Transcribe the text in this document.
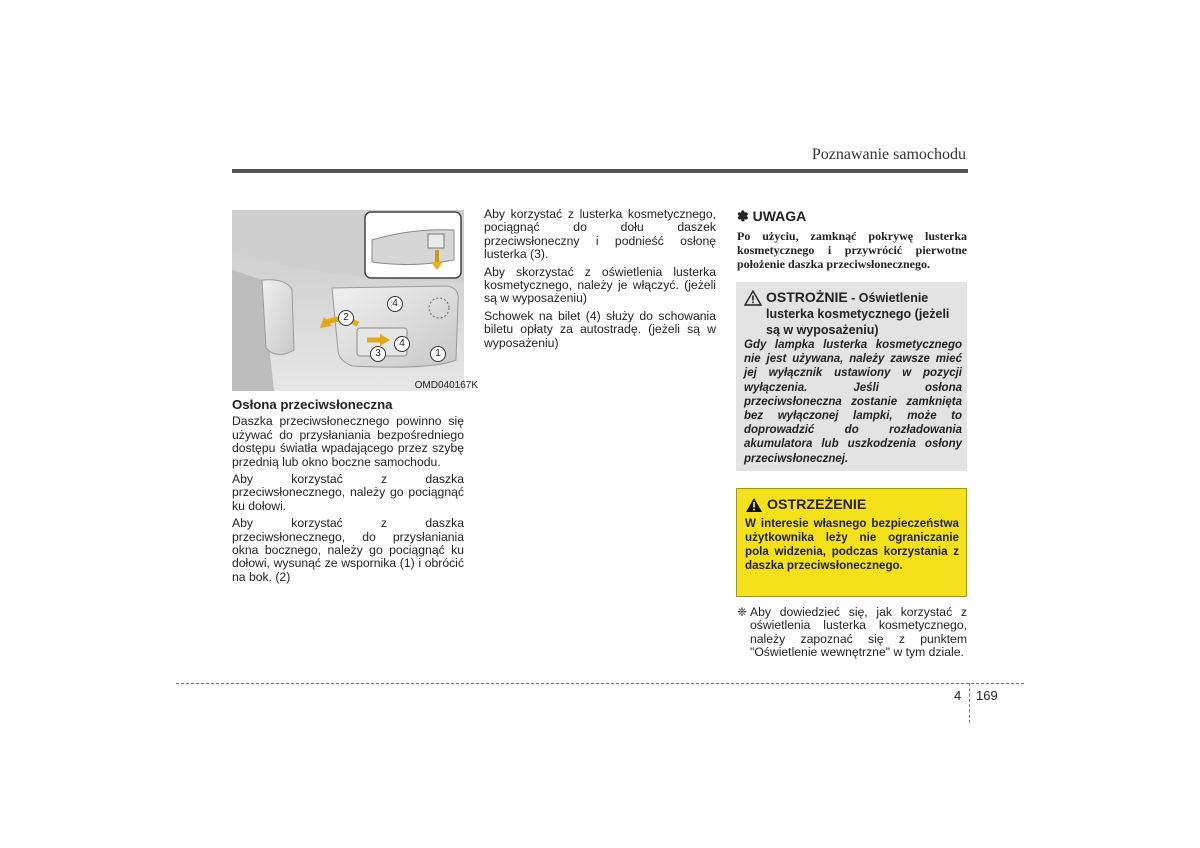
Poznawanie samochodu
4
2
4
3	1
OMD040167K
Osłona przeciwsłoneczna

Daszka przeciwsłonecznego powinno się używać do przysłaniania bezpośredniego dostępu światła wpadającego przez szybę przednią lub okno boczne samochodu.

Aby korzystać z daszka przeciwsłonecznego, należy go pociągnąć ku dołowi.

Aby korzystać z daszka przeciwsłonecznego, do przysłaniania okna bocznego, należy go pociągnąć ku dołowi, wysunąć ze wspornika (1) i obrócić na bok. (2)

Aby korzystać z lusterka kosmetycznego, pociągnąć do dołu daszek przeciwsłoneczny i podnieść osłonę lusterka (3).

Aby skorzystać z oświetlenia lusterka kosmetycznego, należy je włączyć. (jeżeli są w wyposażeniu)

Schowek na bilet (4) służy do schowania biletu opłaty za autostradę. (jeżeli są w wyposażeniu)

✽ UWAGA
Po użyciu, zamknąć pokrywę lusterka kosmetycznego i przywrócić pierwotne położenie daszka przeciwsłonecznego.
OSTROŻNIE - Oświetlenie lusterka kosmetycznego (jeżeli są w wyposażeniu)
Gdy lampka lusterka kosmetycznego nie jest używana, należy zawsze mieć jej wyłącznik ustawiony w pozycji wyłączenia. Jeśli osłona przeciwsłoneczna zostanie zamknięta bez wyłączonej lampki, może to doprowadzić do rozładowania akumulatora lub uszkodzenia osłony przeciwsłonecznej.
OSTRZEŻENIE
W interesie własnego bezpieczeństwa użytkownika leży nie ograniczanie pola widzenia, podczas korzystania z daszka przeciwsłonecznego.
❈ Aby dowiedzieć się, jak korzystać z oświetlenia lusterka kosmetycznego, należy zapoznać się z punktem "Oświetlenie wewnętrzne" w tym dziale.
4 169
